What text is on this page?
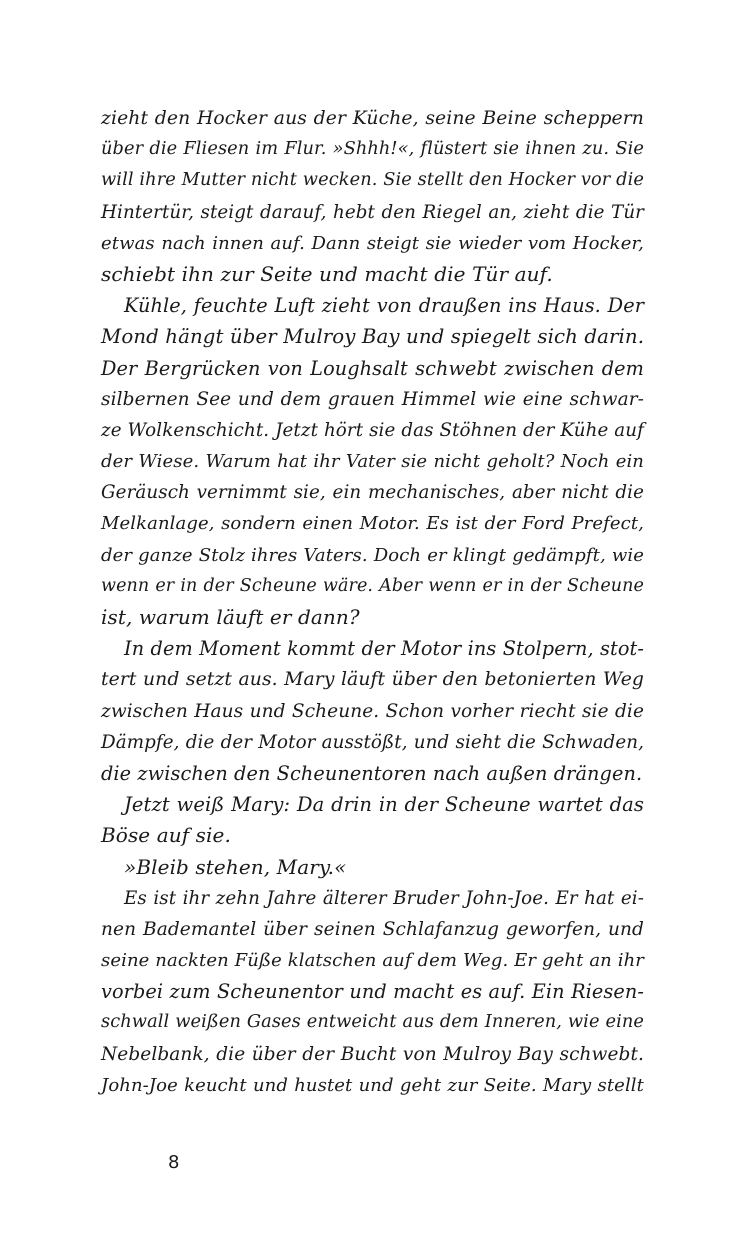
zieht den Hocker aus der Küche, seine Beine scheppern
über die Fliesen im Flur. »Shhh!«, flüstert sie ihnen zu. Sie
will ihre Mutter nicht wecken. Sie stellt den Hocker vor die
Hintertür, steigt darauf, hebt den Riegel an, zieht die Tür
etwas nach innen auf. Dann steigt sie wieder vom Hocker,
schiebt ihn zur Seite und macht die Tür auf.
Kühle, feuchte Luft zieht von draußen ins Haus. Der
Mond hängt über Mulroy Bay und spiegelt sich darin.
Der Bergrücken von Loughsalt schwebt zwischen dem
silbernen See und dem grauen Himmel wie eine schwar-
ze Wolkenschicht. Jetzt hört sie das Stöhnen der Kühe auf
der Wiese. Warum hat ihr Vater sie nicht geholt? Noch ein
Geräusch vernimmt sie, ein mechanisches, aber nicht die
Melkanlage, sondern einen Motor. Es ist der Ford Prefect,
der ganze Stolz ihres Vaters. Doch er klingt gedämpft, wie
wenn er in der Scheune wäre. Aber wenn er in der Scheune
ist, warum läuft er dann?
In dem Moment kommt der Motor ins Stolpern, stot-
tert und setzt aus. Mary läuft über den betonierten Weg
zwischen Haus und Scheune. Schon vorher riecht sie die
Dämpfe, die der Motor ausstößt, und sieht die Schwaden,
die zwischen den Scheunentoren nach außen drängen.
Jetzt weiß Mary: Da drin in der Scheune wartet das
Böse auf sie.
»Bleib stehen, Mary.«
Es ist ihr zehn Jahre älterer Bruder John-Joe. Er hat ei-
nen Bademantel über seinen Schlafanzug geworfen, und
seine nackten Füße klatschen auf dem Weg. Er geht an ihr
vorbei zum Scheunentor und macht es auf. Ein Riesen-
schwall weißen Gases entweicht aus dem Inneren, wie eine
Nebelbank, die über der Bucht von Mulroy Bay schwebt.
John-Joe keucht und hustet und geht zur Seite. Mary stellt
8
